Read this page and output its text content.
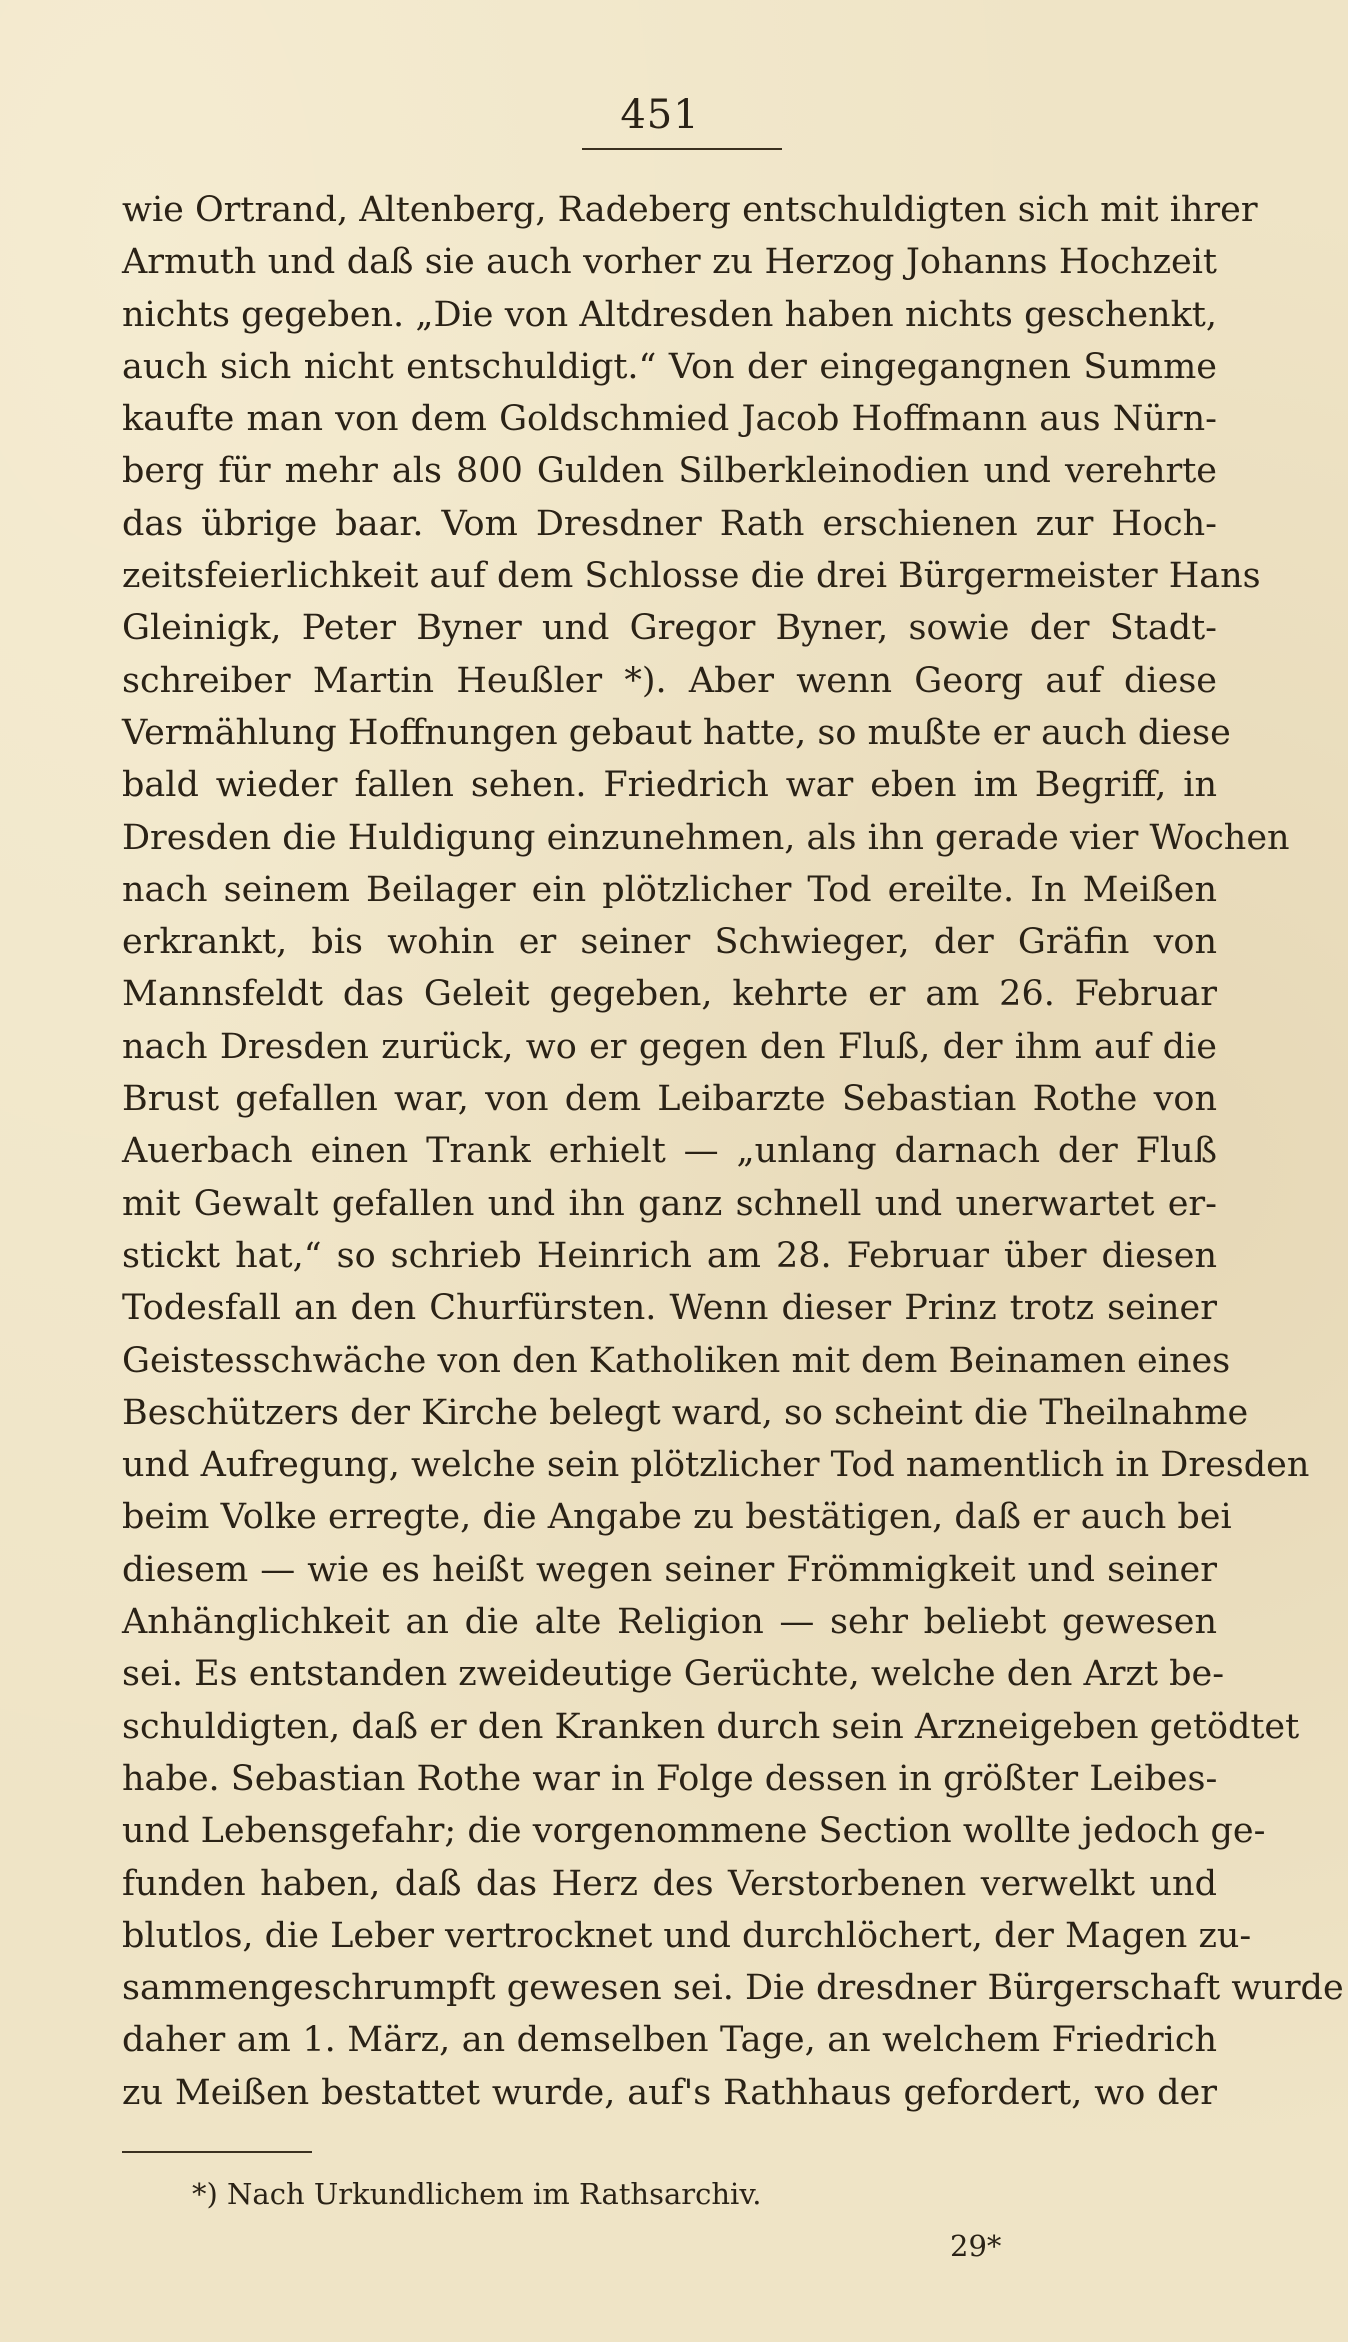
451
wie Ortrand, Altenberg, Radeberg entschuldigten sich mit ihrer
Armuth und daß sie auch vorher zu Herzog Johanns Hochzeit
nichts gegeben. „Die von Altdresden haben nichts geschenkt,
auch sich nicht entschuldigt.“ Von der eingegangnen Summe
kaufte man von dem Goldschmied Jacob Hoffmann aus Nürn-
berg für mehr als 800 Gulden Silberkleinodien und verehrte
das übrige baar. Vom Dresdner Rath erschienen zur Hoch-
zeitsfeierlichkeit auf dem Schlosse die drei Bürgermeister Hans
Gleinigk, Peter Byner und Gregor Byner, sowie der Stadt-
schreiber Martin Heußler *). Aber wenn Georg auf diese
Vermählung Hoffnungen gebaut hatte, so mußte er auch diese
bald wieder fallen sehen. Friedrich war eben im Begriff, in
Dresden die Huldigung einzunehmen, als ihn gerade vier Wochen
nach seinem Beilager ein plötzlicher Tod ereilte. In Meißen
erkrankt, bis wohin er seiner Schwieger, der Gräfin von
Mannsfeldt das Geleit gegeben, kehrte er am 26. Februar
nach Dresden zurück, wo er gegen den Fluß, der ihm auf die
Brust gefallen war, von dem Leibarzte Sebastian Rothe von
Auerbach einen Trank erhielt — „unlang darnach der Fluß
mit Gewalt gefallen und ihn ganz schnell und unerwartet er-
stickt hat,“ so schrieb Heinrich am 28. Februar über diesen
Todesfall an den Churfürsten. Wenn dieser Prinz trotz seiner
Geistesschwäche von den Katholiken mit dem Beinamen eines
Beschützers der Kirche belegt ward, so scheint die Theilnahme
und Aufregung, welche sein plötzlicher Tod namentlich in Dresden
beim Volke erregte, die Angabe zu bestätigen, daß er auch bei
diesem — wie es heißt wegen seiner Frömmigkeit und seiner
Anhänglichkeit an die alte Religion — sehr beliebt gewesen
sei. Es entstanden zweideutige Gerüchte, welche den Arzt be-
schuldigten, daß er den Kranken durch sein Arzneigeben getödtet
habe. Sebastian Rothe war in Folge dessen in größter Leibes-
und Lebensgefahr; die vorgenommene Section wollte jedoch ge-
funden haben, daß das Herz des Verstorbenen verwelkt und
blutlos, die Leber vertrocknet und durchlöchert, der Magen zu-
sammengeschrumpft gewesen sei. Die dresdner Bürgerschaft wurde
daher am 1. März, an demselben Tage, an welchem Friedrich
zu Meißen bestattet wurde, auf's Rathhaus gefordert, wo der
*) Nach Urkundlichem im Rathsarchiv.
29*
